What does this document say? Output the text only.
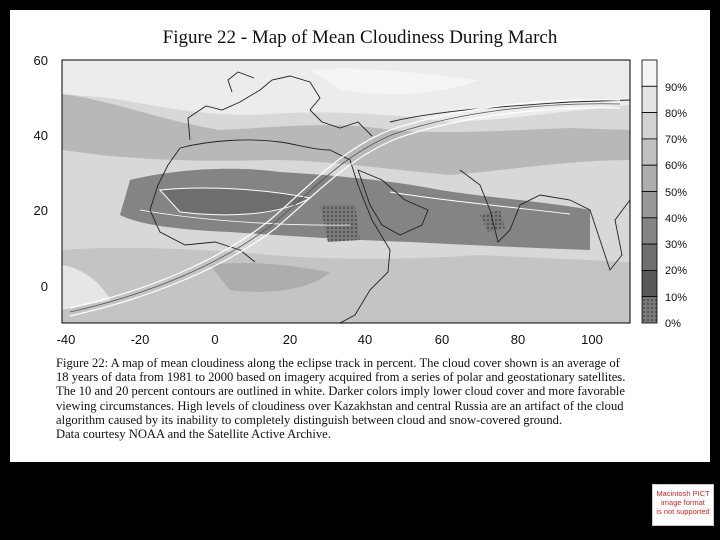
Figure 22 - Map of Mean Cloudiness During March
60
40
20
0
-40	-20	0	20	40	60	80	100
90%
80%
70%
60%
50%
40%
30%
20%
10%
0%
Figure 22: A map of mean cloudiness along the eclipse track in percent. The cloud cover shown is an average of
18 years of data from 1981 to 2000 based on imagery acquired from a series of polar and geostationary satellites.
The 10 and 20 percent contours are outlined in white. Darker colors imply lower cloud cover and more favorable
viewing circumstances. High levels of cloudiness over Kazakhstan and central Russia are an artifact of the cloud
algorithm caused by its inability to completely distinguish between cloud and snow-covered ground.
Data courtesy NOAA and the Satellite Active Archive.
Macintosh PICT
image format
is not supported
